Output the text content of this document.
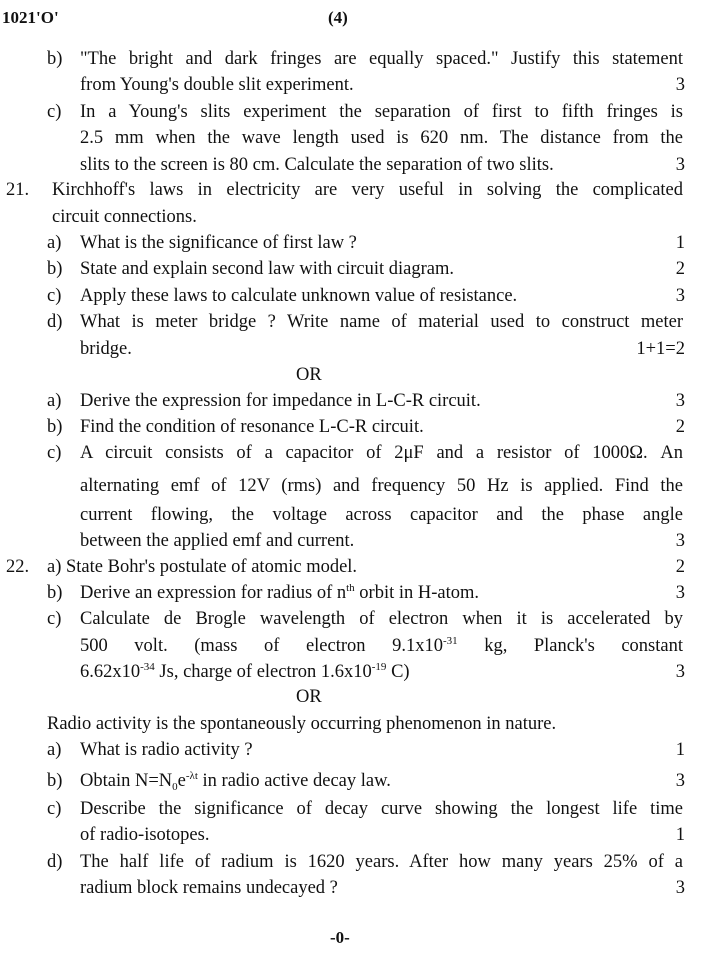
1021'O'	(4)
b) "The bright and dark fringes are equally spaced." Justify this statement
from Young's double slit experiment.	3
c) In a Young's slits experiment the separation of first to fifth fringes is
2.5 mm when the wave length used is 620 nm. The distance from the
slits to the screen is 80 cm. Calculate the separation of two slits.	3
21. Kirchhoff's laws in electricity are very useful in solving the complicated
circuit connections.
a) What is the significance of first law ?	1
b) State and explain second law with circuit diagram.	2
c) Apply these laws to calculate unknown value of resistance.	3
d) What is meter bridge ? Write name of material used to construct meter
bridge.	1+1=2
OR
a) Derive the expression for impedance in L-C-R circuit.	3
b) Find the condition of resonance L-C-R circuit.	2
c) A circuit consists of a capacitor of 2μF and a resistor of 1000Ω. An
alternating emf of 12V (rms) and frequency 50 Hz is applied. Find the
current flowing, the voltage across capacitor and the phase angle
between the applied emf and current.	3
22. a) State Bohr's postulate of atomic model.	2
b) Derive an expression for radius of $n^{th}$ orbit in H-atom.	3
c) Calculate de Brogle wavelength of electron when it is accelerated by
500 volt. (mass of electron $9.1x10^{-31}$ kg, Planck's constant
$6.62x10^{-34}$ Js, charge of electron $1.6x10^{-19}$ C)	3
OR
Radio activity is the spontaneously occurring phenomenon in nature.
a) What is radio activity ?	1
b) Obtain $N=N_0e^{-\lambda t}$ in radio active decay law.	3
c) Describe the significance of decay curve showing the longest life time
of radio-isotopes.	1
d) The half life of radium is 1620 years. After how many years 25% of a
radium block remains undecayed ?	3
-0-
